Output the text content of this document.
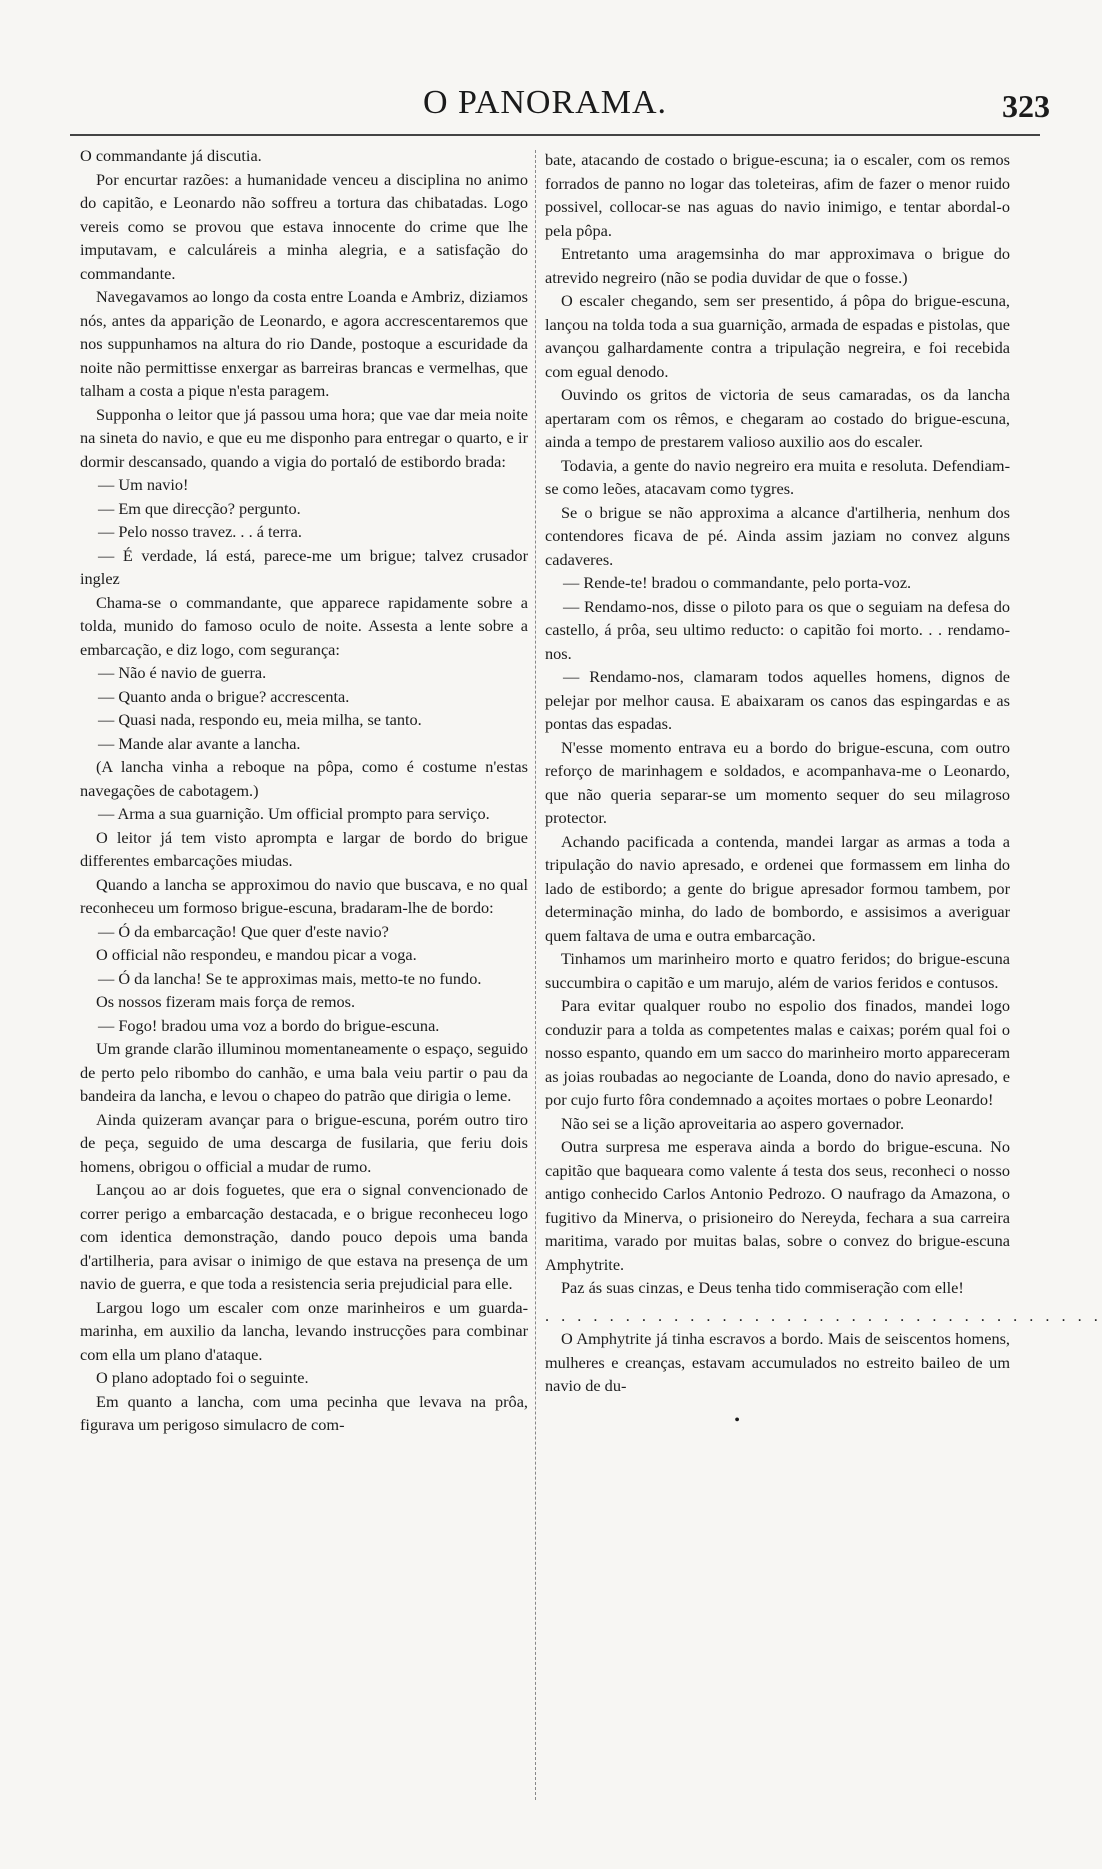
O PANORAMA.	323

O commandante já discutia.

Por encurtar razões: a humanidade venceu a disciplina no animo do capitão, e Leonardo não soffreu a tortura das chibatadas. Logo vereis como se provou que estava innocente do crime que lhe imputavam, e calculáreis a minha alegria, e a satisfação do commandante.

Navegavamos ao longo da costa entre Loanda e Ambriz, diziamos nós, antes da apparição de Leonardo, e agora accrescentaremos que nos suppunhamos na altura do rio Dande, postoque a escuridade da noite não permittisse enxergar as barreiras brancas e vermelhas, que talham a costa a pique n'esta paragem.

Supponha o leitor que já passou uma hora; que vae dar meia noite na sineta do navio, e que eu me disponho para entregar o quarto, e ir dormir descansado, quando a vigia do portaló de estibordo brada:

— Um navio!

— Em que direcção? pergunto.

— Pelo nosso travez. . . á terra.

— É verdade, lá está, parece-me um brigue; talvez crusador inglez

Chama-se o commandante, que apparece rapidamente sobre a tolda, munido do famoso oculo de noite. Assesta a lente sobre a embarcação, e diz logo, com segurança:

— Não é navio de guerra.

— Quanto anda o brigue? accrescenta.

— Quasi nada, respondo eu, meia milha, se tanto.

— Mande alar avante a lancha.

(A lancha vinha a reboque na pôpa, como é costume n'estas navegações de cabotagem.)

— Arma a sua guarnição. Um official prompto para serviço.

O leitor já tem visto aprompta e largar de bordo do brigue differentes embarcações miudas.

Quando a lancha se approximou do navio que buscava, e no qual reconheceu um formoso brigue-escuna, bradaram-lhe de bordo:

— Ó da embarcação! Que quer d'este navio?

O official não respondeu, e mandou picar a voga.

— Ó da lancha! Se te approximas mais, metto-te no fundo.

Os nossos fizeram mais força de remos.

— Fogo! bradou uma voz a bordo do brigue-escuna.

Um grande clarão illuminou momentaneamente o espaço, seguido de perto pelo ribombo do canhão, e uma bala veiu partir o pau da bandeira da lancha, e levou o chapeo do patrão que dirigia o leme.

Ainda quizeram avançar para o brigue-escuna, porém outro tiro de peça, seguido de uma descarga de fusilaria, que feriu dois homens, obrigou o official a mudar de rumo.

Lançou ao ar dois foguetes, que era o signal convencionado de correr perigo a embarcação destacada, e o brigue reconheceu logo com identica demonstração, dando pouco depois uma banda d'artilheria, para avisar o inimigo de que estava na presença de um navio de guerra, e que toda a resistencia seria prejudicial para elle.

Largou logo um escaler com onze marinheiros e um guarda-marinha, em auxilio da lancha, levando instrucções para combinar com ella um plano d'ataque.

O plano adoptado foi o seguinte.

Em quanto a lancha, com uma pecinha que levava na prôa, figurava um perigoso simulacro de com-

bate, atacando de costado o brigue-escuna; ia o escaler, com os remos forrados de panno no logar das toleteiras, afim de fazer o menor ruido possivel, collocar-se nas aguas do navio inimigo, e tentar abordal-o pela pôpa.

Entretanto uma aragemsinha do mar approximava o brigue do atrevido negreiro (não se podia duvidar de que o fosse.)

O escaler chegando, sem ser presentido, á pôpa do brigue-escuna, lançou na tolda toda a sua guarnição, armada de espadas e pistolas, que avançou galhardamente contra a tripulação negreira, e foi recebida com egual denodo.

Ouvindo os gritos de victoria de seus camaradas, os da lancha apertaram com os rêmos, e chegaram ao costado do brigue-escuna, ainda a tempo de prestarem valioso auxilio aos do escaler.

Todavia, a gente do navio negreiro era muita e resoluta. Defendiam-se como leões, atacavam como tygres.

Se o brigue se não approxima a alcance d'artilheria, nenhum dos contendores ficava de pé. Ainda assim jaziam no convez alguns cadaveres.

— Rende-te! bradou o commandante, pelo porta-voz.

— Rendamo-nos, disse o piloto para os que o seguiam na defesa do castello, á prôa, seu ultimo reducto: o capitão foi morto. . . rendamo-nos.

— Rendamo-nos, clamaram todos aquelles homens, dignos de pelejar por melhor causa. E abaixaram os canos das espingardas e as pontas das espadas.

N'esse momento entrava eu a bordo do brigue-escuna, com outro reforço de marinhagem e soldados, e acompanhava-me o Leonardo, que não queria separar-se um momento sequer do seu milagroso protector.

Achando pacificada a contenda, mandei largar as armas a toda a tripulação do navio apresado, e ordenei que formassem em linha do lado de estibordo; a gente do brigue apresador formou tambem, por determinação minha, do lado de bombordo, e assisimos a averiguar quem faltava de uma e outra embarcação.

Tinhamos um marinheiro morto e quatro feridos; do brigue-escuna succumbira o capitão e um marujo, além de varios feridos e contusos.

Para evitar qualquer roubo no espolio dos finados, mandei logo conduzir para a tolda as competentes malas e caixas; porém qual foi o nosso espanto, quando em um sacco do marinheiro morto appareceram as joias roubadas ao negociante de Loanda, dono do navio apresado, e por cujo furto fôra condemnado a açoites mortaes o pobre Leonardo!

Não sei se a lição aproveitaria ao aspero governador.

Outra surpresa me esperava ainda a bordo do brigue-escuna. No capitão que baqueara como valente á testa dos seus, reconheci o nosso antigo conhecido Carlos Antonio Pedrozo. O naufrago da Amazona, o fugitivo da Minerva, o prisioneiro do Nereyda, fechara a sua carreira maritima, varado por muitas balas, sobre o convez do brigue-escuna Amphytrite.

Paz ás suas cinzas, e Deus tenha tido commiseração com elle!

. . . . . . . . . . . . . . . . . . . . . . . . . . . . . . . . . . .

O Amphytrite já tinha escravos a bordo. Mais de seiscentos homens, mulheres e creanças, estavam accumulados no estreito baileo de um navio de du-

•
